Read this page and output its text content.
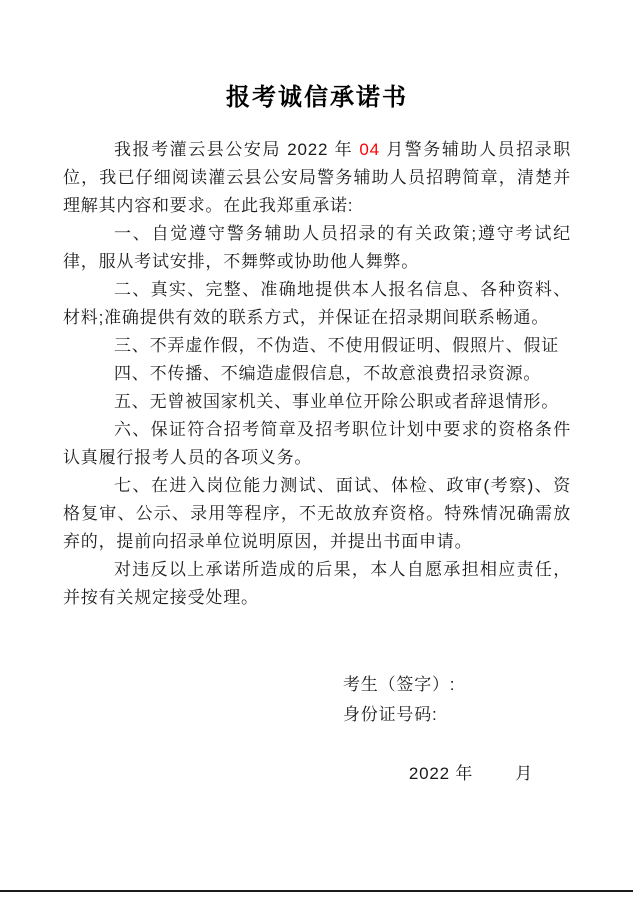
报考诚信承诺书

我报考灌云县公安局 2022 年 04 月警务辅助人员招录职位，我已仔细阅读灌云县公安局警务辅助人员招聘简章，清楚并理解其内容和要求。在此我郑重承诺:

一、自觉遵守警务辅助人员招录的有关政策;遵守考试纪律，服从考试安排，不舞弊或协助他人舞弊。

二、真实、完整、准确地提供本人报名信息、各种资料、材料;准确提供有效的联系方式，并保证在招录期间联系畅通。

三、不弄虚作假，不伪造、不使用假证明、假照片、假证

四、不传播、不编造虚假信息，不故意浪费招录资源。

五、无曾被国家机关、事业单位开除公职或者辞退情形。

六、保证符合招考简章及招考职位计划中要求的资格条件认真履行报考人员的各项义务。

七、在进入岗位能力测试、面试、体检、政审(考察)、资格复审、公示、录用等程序，不无故放弃资格。特殊情况确需放弃的，提前向招录单位说明原因，并提出书面申请。

对违反以上承诺所造成的后果，本人自愿承担相应责任，并按有关规定接受处理。

考生（签字）:
身份证号码:
2022 年 月
